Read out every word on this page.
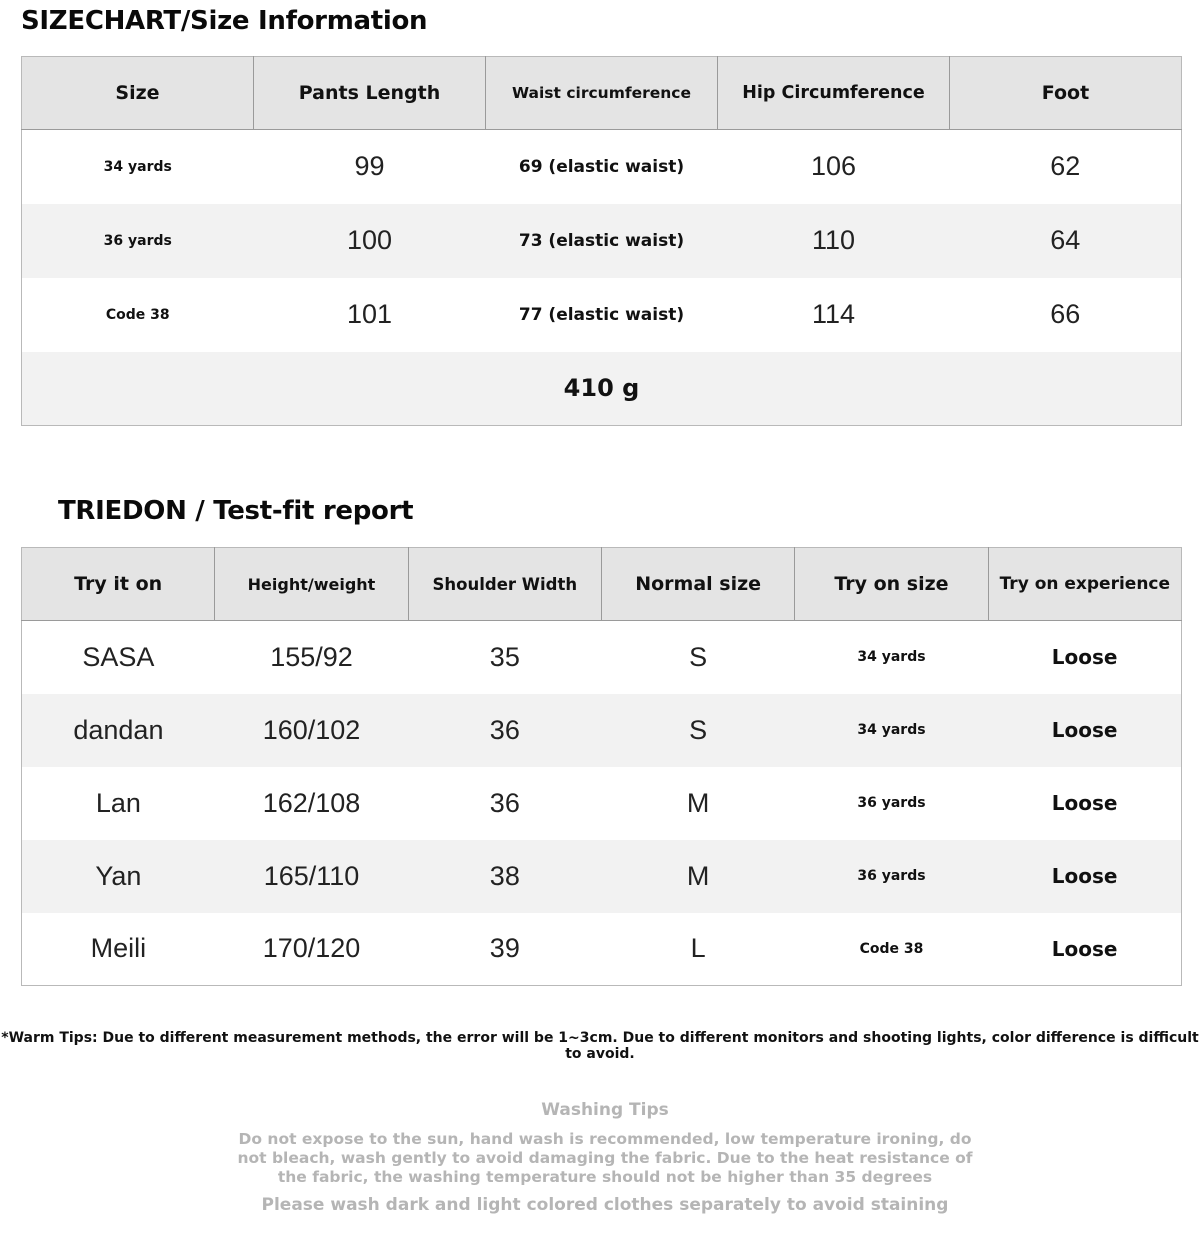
SIZECHART/Size Information
Size	Pants Length	Waist circumference	Hip Circumference	Foot
34 yards	99	69 (elastic waist)	106	62
36 yards	100	73 (elastic waist)	110	64
Code 38	101	77 (elastic waist)	114	66
410 g				
TRIEDON / Test-fit report
Try it on	Height/weight	Shoulder Width	Normal size	Try on size	Try on experience
SASA	155/92	35	S	34 yards	Loose
dandan	160/102	36	S	34 yards	Loose
Lan	162/108	36	M	36 yards	Loose
Yan	165/110	38	M	36 yards	Loose
Meili	170/120	39	L	Code 38	Loose
*Warm Tips: Due to different measurement methods, the error will be 1~3cm. Due to different monitors and shooting lights, color difference is difficult to avoid.
Washing Tips
Do not expose to the sun, hand wash is recommended, low temperature ironing, do not bleach, wash gently to avoid damaging the fabric. Due to the heat resistance of the fabric, the washing temperature should not be higher than 35 degrees
Please wash dark and light colored clothes separately to avoid staining
